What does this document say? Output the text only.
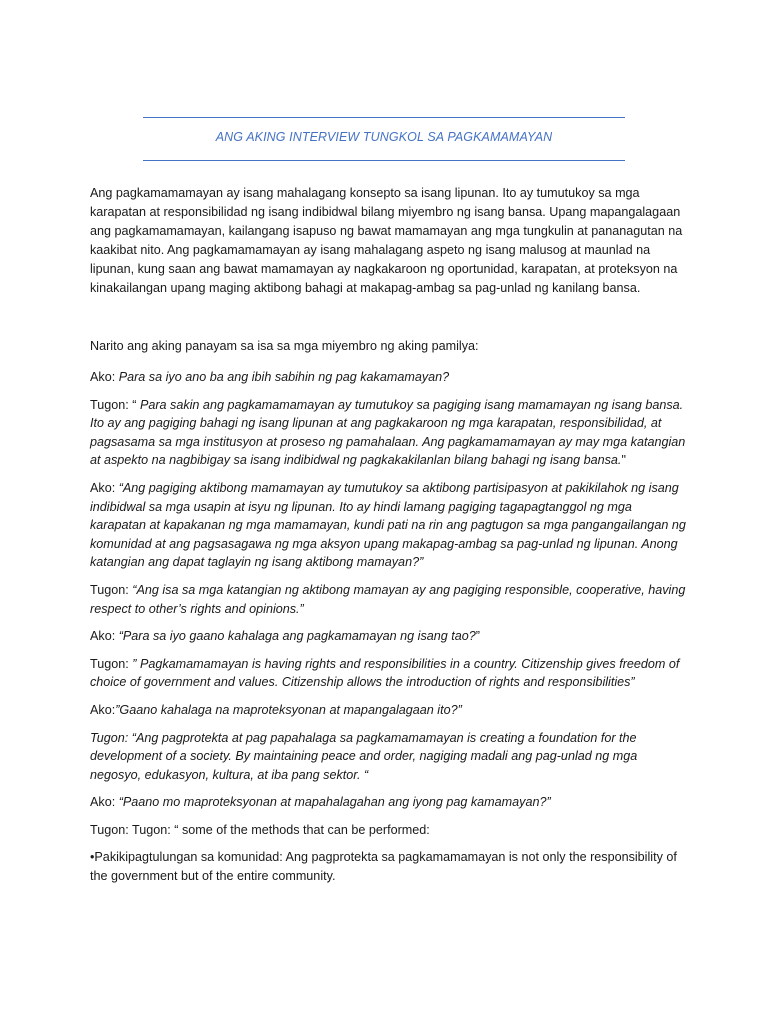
ANG AKING INTERVIEW TUNGKOL SA PAGKAMAMAYAN

Ang pagkamamamayan ay isang mahalagang konsepto sa isang lipunan. Ito ay tumutukoy sa mga karapatan at responsibilidad ng isang indibidwal bilang miyembro ng isang bansa. Upang mapangalagaan ang pagkamamamayan, kailangang isapuso ng bawat mamamayan ang mga tungkulin at pananagutan na kaakibat nito. Ang pagkamamamayan ay isang mahalagang aspeto ng isang malusog at maunlad na lipunan, kung saan ang bawat mamamayan ay nagkakaroon ng oportunidad, karapatan, at proteksyon na kinakailangan upang maging aktibong bahagi at makapag-ambag sa pag-unlad ng kanilang bansa.

Narito ang aking panayam sa isa sa mga miyembro ng aking pamilya:

Ako: Para sa iyo ano ba ang ibih sabihin ng pag kakamamayan?

Tugon: “ Para sakin ang pagkamamamayan ay tumutukoy sa pagiging isang mamamayan ng isang bansa. Ito ay ang pagiging bahagi ng isang lipunan at ang pagkakaroon ng mga karapatan, responsibilidad, at pagsasama sa mga institusyon at proseso ng pamahalaan. Ang pagkamamamayan ay may mga katangian at aspekto na nagbibigay sa isang indibidwal ng pagkakakilanlan bilang bahagi ng isang bansa."

Ako: “Ang pagiging aktibong mamamayan ay tumutukoy sa aktibong partisipasyon at pakikilahok ng isang indibidwal sa mga usapin at isyu ng lipunan. Ito ay hindi lamang pagiging tagapagtanggol ng mga karapatan at kapakanan ng mga mamamayan, kundi pati na rin ang pagtugon sa mga pangangailangan ng komunidad at ang pagsasagawa ng mga aksyon upang makapag-ambag sa pag-unlad ng lipunan. Anong katangian ang dapat taglayin ng isang aktibong mamayan?”

Tugon: “Ang isa sa mga katangian ng aktibong mamayan ay ang pagiging responsible, cooperative, having respect to other’s rights and opinions.”

Ako: “Para sa iyo gaano kahalaga ang pagkamamayan ng isang tao?”

Tugon: ” Pagkamamamayan is having rights and responsibilities in a country. Citizenship gives freedom of choice of government and values. Citizenship allows the introduction of rights and responsibilities”

Ako:”Gaano kahalaga na maproteksyonan at mapangalagaan ito?”

Tugon: “Ang pagprotekta at pag papahalaga sa pagkamamamayan is creating a foundation for the development of a society. By maintaining peace and order, nagiging madali ang pag-unlad ng mga negosyo, edukasyon, kultura, at iba pang sektor. “

Ako: “Paano mo maproteksyonan at mapahalagahan ang iyong pag kamamayan?”

Tugon: Tugon: “ some of the methods that can be performed:

•Pakikipagtulungan sa komunidad: Ang pagprotekta sa pagkamamamayan is not only the responsibility of the government but of the entire community.
